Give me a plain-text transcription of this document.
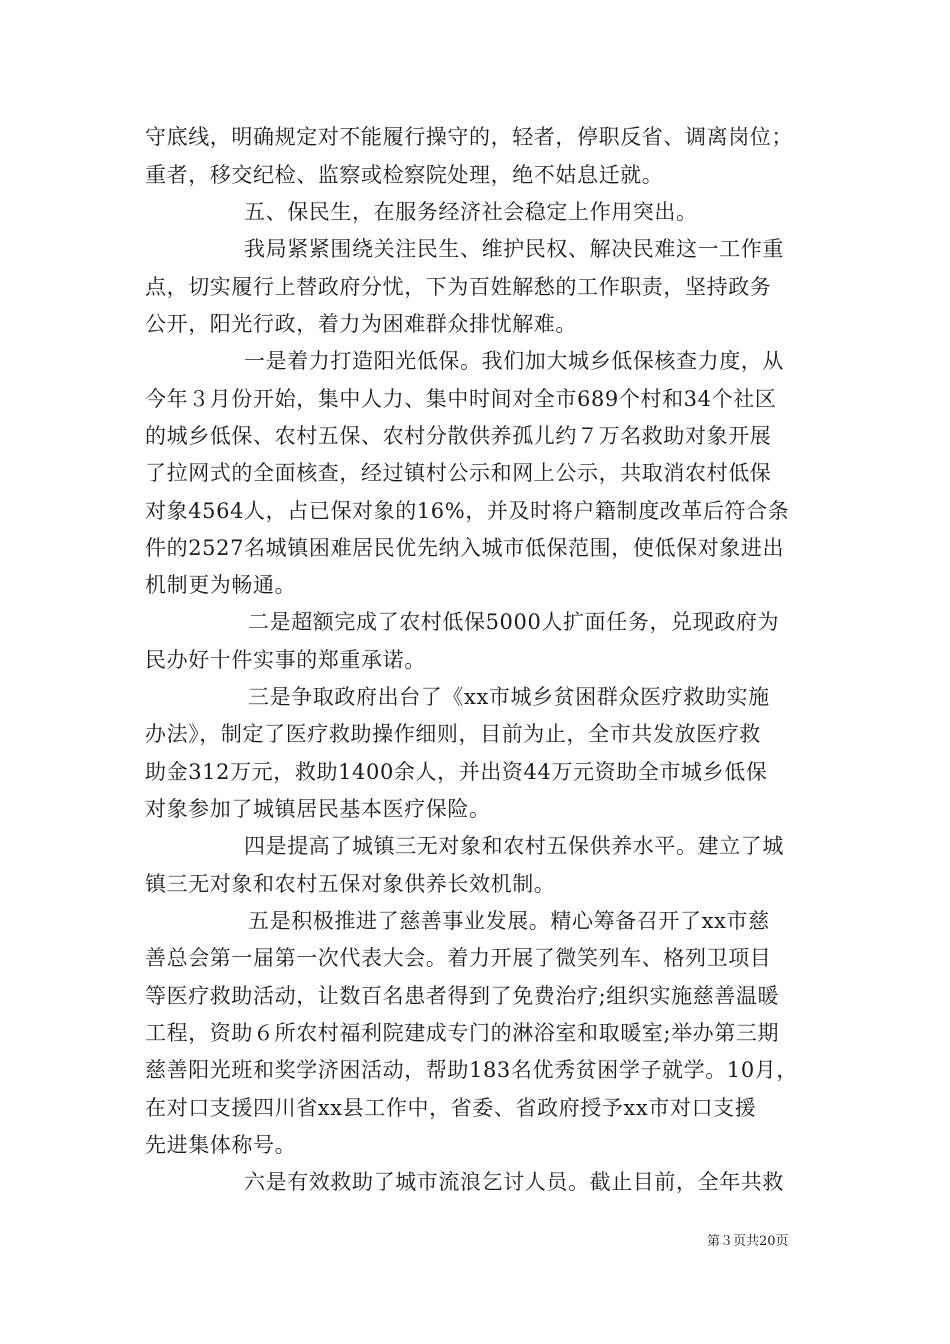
守底线，明确规定对不能履行操守的，轻者，停职反省、调离岗位；
重者，移交纪检、监察或检察院处理，绝不姑息迁就。
五、保民生，在服务经济社会稳定上作用突出。
我局紧紧围绕关注民生、维护民权、解决民难这一工作重
点，切实履行上替政府分忧，下为百姓解愁的工作职责，坚持政务
公开，阳光行政，着力为困难群众排忧解难。
一是着力打造阳光低保。我们加大城乡低保核查力度，从
今年３月份开始，集中人力、集中时间对全市689个村和34个社区
的城乡低保、农村五保、农村分散供养孤儿约７万名救助对象开展
了拉网式的全面核查，经过镇村公示和网上公示，共取消农村低保
对象4564人，占已保对象的16%，并及时将户籍制度改革后符合条
件的2527名城镇困难居民优先纳入城市低保范围，使低保对象进出
机制更为畅通。
二是超额完成了农村低保5000人扩面任务，兑现政府为
民办好十件实事的郑重承诺。
三是争取政府出台了《xx市城乡贫困群众医疗救助实施
办法》，制定了医疗救助操作细则，目前为止，全市共发放医疗救
助金312万元，救助1400余人，并出资44万元资助全市城乡低保
对象参加了城镇居民基本医疗保险。
四是提高了城镇三无对象和农村五保供养水平。建立了城
镇三无对象和农村五保对象供养长效机制。
五是积极推进了慈善事业发展。精心筹备召开了xx市慈
善总会第一届第一次代表大会。着力开展了微笑列车、格列卫项目
等医疗救助活动，让数百名患者得到了免费治疗;组织实施慈善温暖
工程，资助６所农村福利院建成专门的淋浴室和取暖室;举办第三期
慈善阳光班和奖学济困活动，帮助183名优秀贫困学子就学。10月，
在对口支援四川省xx县工作中，省委、省政府授予xx市对口支援
先进集体称号。
六是有效救助了城市流浪乞讨人员。截止目前，全年共救
第３页共20页
